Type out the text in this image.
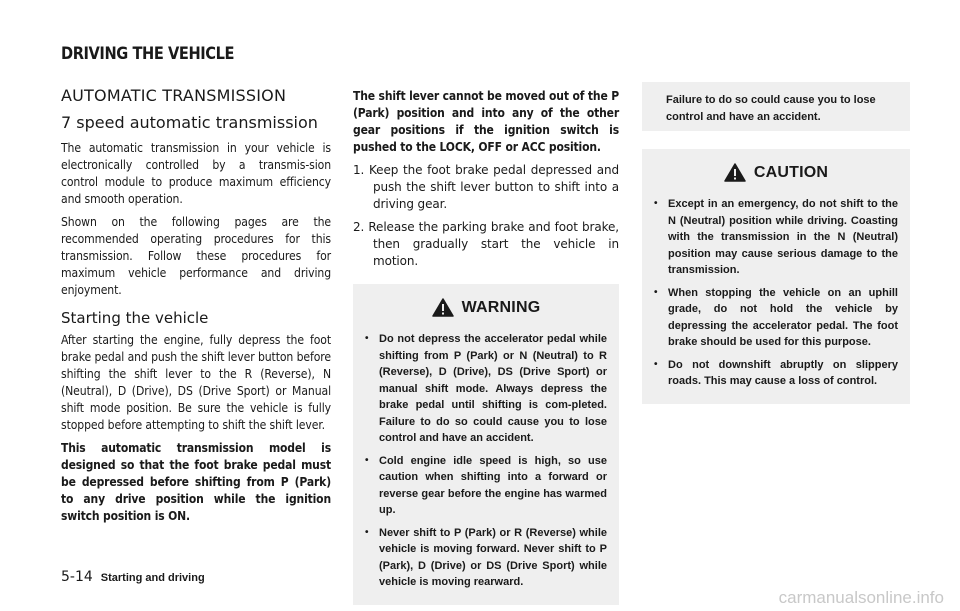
DRIVING THE VEHICLE
AUTOMATIC TRANSMISSION
7 speed automatic transmission

The automatic transmission in your vehicle is electronically controlled by a transmis-sion control module to produce maximum efficiency and smooth operation.

Shown on the following pages are the recommended operating procedures for this transmission. Follow these procedures for maximum vehicle performance and driving enjoyment.

Starting the vehicle

After starting the engine, fully depress the foot brake pedal and push the shift lever button before shifting the shift lever to the R (Reverse), N (Neutral), D (Drive), DS (Drive Sport) or Manual shift mode position. Be sure the vehicle is fully stopped before attempting to shift the shift lever.

This automatic transmission model is designed so that the foot brake pedal must be depressed before shifting from P (Park) to any drive position while the ignition switch position is ON.

The shift lever cannot be moved out of the P (Park) position and into any of the other gear positions if the ignition switch is pushed to the LOCK, OFF or ACC position.

1. Keep the foot brake pedal depressed and push the shift lever button to shift into a driving gear.
2. Release the parking brake and foot brake, then gradually start the vehicle in motion.
WARNING
• Do not depress the accelerator pedal while shifting from P (Park) or N (Neutral) to R (Reverse), D (Drive), DS (Drive Sport) or manual shift mode. Always depress the brake pedal until shifting is com-pleted. Failure to do so could cause you to lose control and have an accident.
• Cold engine idle speed is high, so use caution when shifting into a forward or reverse gear before the engine has warmed up.
• Never shift to P (Park) or R (Reverse) while vehicle is moving forward. Never shift to P (Park), D (Drive) or DS (Drive Sport) while vehicle is moving rearward.
Failure to do so could cause you to lose control and have an accident.
CAUTION
• Except in an emergency, do not shift to the N (Neutral) position while driving. Coasting with the transmission in the N (Neutral) position may cause serious damage to the transmission.
• When stopping the vehicle on an uphill grade, do not hold the vehicle by depressing the accelerator pedal. The foot brake should be used for this purpose.
• Do not downshift abruptly on slippery roads. This may cause a loss of control.
5-14 Starting and driving
carmanualsonline.info
